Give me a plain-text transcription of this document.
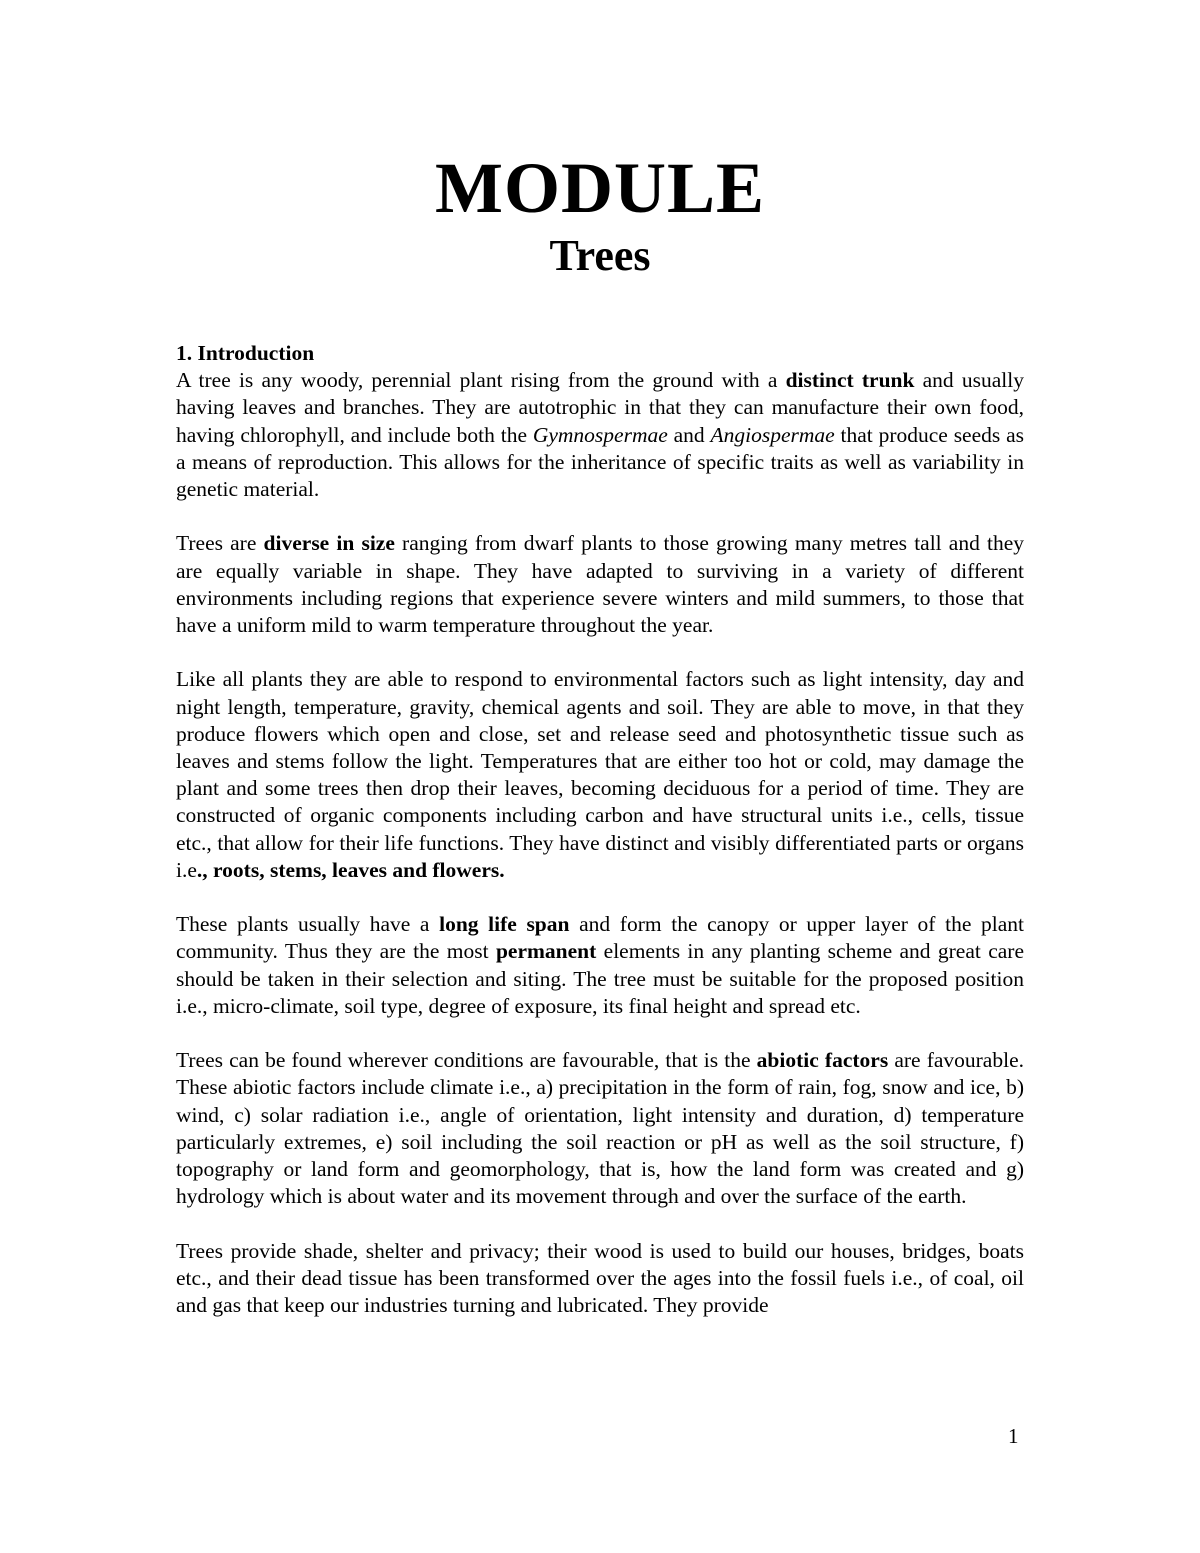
MODULE
Trees

1. Introduction

A tree is any woody, perennial plant rising from the ground with a distinct trunk and usually having leaves and branches. They are autotrophic in that they can manufacture their own food, having chlorophyll, and include both the Gymnospermae and Angiospermae that produce seeds as a means of reproduction. This allows for the inheritance of specific traits as well as variability in genetic material.

Trees are diverse in size ranging from dwarf plants to those growing many metres tall and they are equally variable in shape. They have adapted to surviving in a variety of different environments including regions that experience severe winters and mild summers, to those that have a uniform mild to warm temperature throughout the year.

Like all plants they are able to respond to environmental factors such as light intensity, day and night length, temperature, gravity, chemical agents and soil. They are able to move, in that they produce flowers which open and close, set and release seed and photosynthetic tissue such as leaves and stems follow the light. Temperatures that are either too hot or cold, may damage the plant and some trees then drop their leaves, becoming deciduous for a period of time. They are constructed of organic components including carbon and have structural units i.e., cells, tissue etc., that allow for their life functions. They have distinct and visibly differentiated parts or organs i.e., roots, stems, leaves and flowers.

These plants usually have a long life span and form the canopy or upper layer of the plant community. Thus they are the most permanent elements in any planting scheme and great care should be taken in their selection and siting. The tree must be suitable for the proposed position i.e., micro-climate, soil type, degree of exposure, its final height and spread etc.

Trees can be found wherever conditions are favourable, that is the abiotic factors are favourable. These abiotic factors include climate i.e., a) precipitation in the form of rain, fog, snow and ice, b) wind, c) solar radiation i.e., angle of orientation, light intensity and duration, d) temperature particularly extremes, e) soil including the soil reaction or pH as well as the soil structure, f) topography or land form and geomorphology, that is, how the land form was created and g) hydrology which is about water and its movement through and over the surface of the earth.

Trees provide shade, shelter and privacy; their wood is used to build our houses, bridges, boats etc., and their dead tissue has been transformed over the ages into the fossil fuels i.e., of coal, oil and gas that keep our industries turning and lubricated. They provide

1
